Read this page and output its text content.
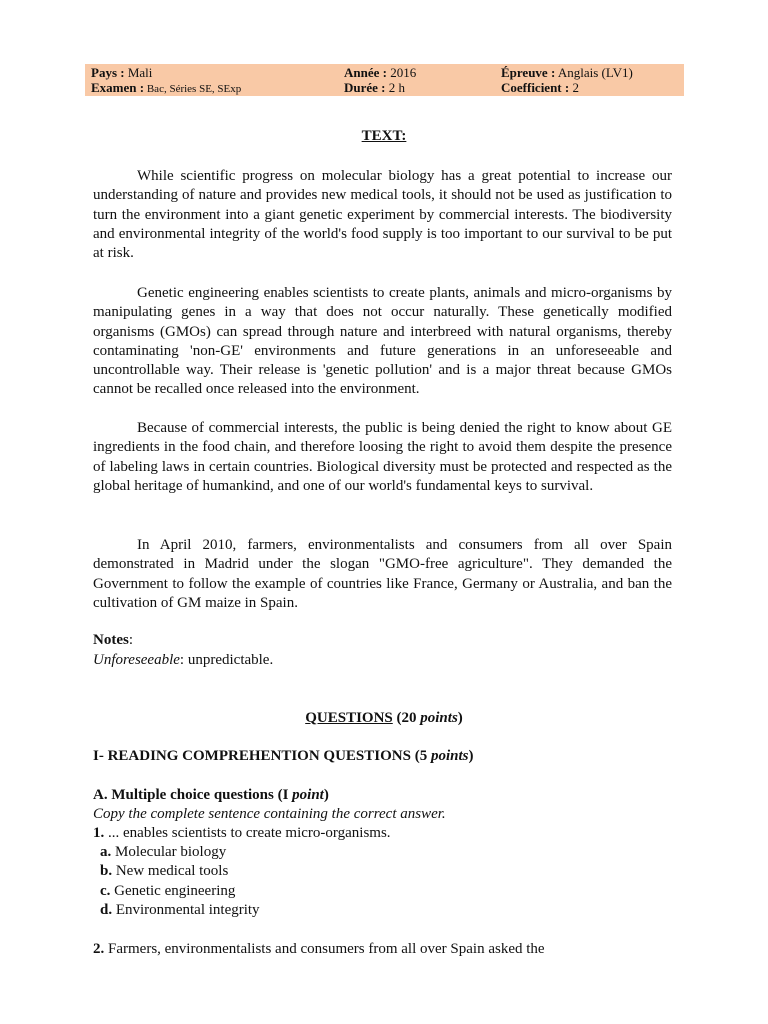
Pays : Mali	Année : 2016	Épreuve : Anglais (LV1)
Examen : Bac, Séries SE, SExp	Durée : 2 h	Coefficient : 2
TEXT:

While scientific progress on molecular biology has a great potential to increase our understanding of nature and provides new medical tools, it should not be used as justification to turn the environment into a giant genetic experiment by commercial interests. The biodiversity and environmental integrity of the world's food supply is too important to our survival to be put at risk.

Genetic engineering enables scientists to create plants, animals and micro-organisms by manipulating genes in a way that does not occur naturally. These genetically modified organisms (GMOs) can spread through nature and interbreed with natural organisms, thereby contaminating 'non-GE' environments and future generations in an unforeseeable and uncontrollable way. Their release is 'genetic pollution' and is a major threat because GMOs cannot be recalled once released into the environment.

Because of commercial interests, the public is being denied the right to know about GE ingredients in the food chain, and therefore loosing the right to avoid them despite the presence of labeling laws in certain countries. Biological diversity must be protected and respected as the global heritage of humankind, and one of our world's fundamental keys to survival.

In April 2010, farmers, environmentalists and consumers from all over Spain demonstrated in Madrid under the slogan "GMO-free agriculture". They demanded the Government to follow the example of countries like France, Germany or Australia, and ban the cultivation of GM maize in Spain.

Notes:
Unforeseeable: unpredictable.
QUESTIONS (20 points)
I- READING COMPREHENTION QUESTIONS (5 points)
A. Multiple choice questions (I point)
Copy the complete sentence containing the correct answer.
1. ... enables scientists to create micro-organisms.
a. Molecular biology
b. New medical tools
c. Genetic engineering
d. Environmental integrity
2. Farmers, environmentalists and consumers from all over Spain asked the
